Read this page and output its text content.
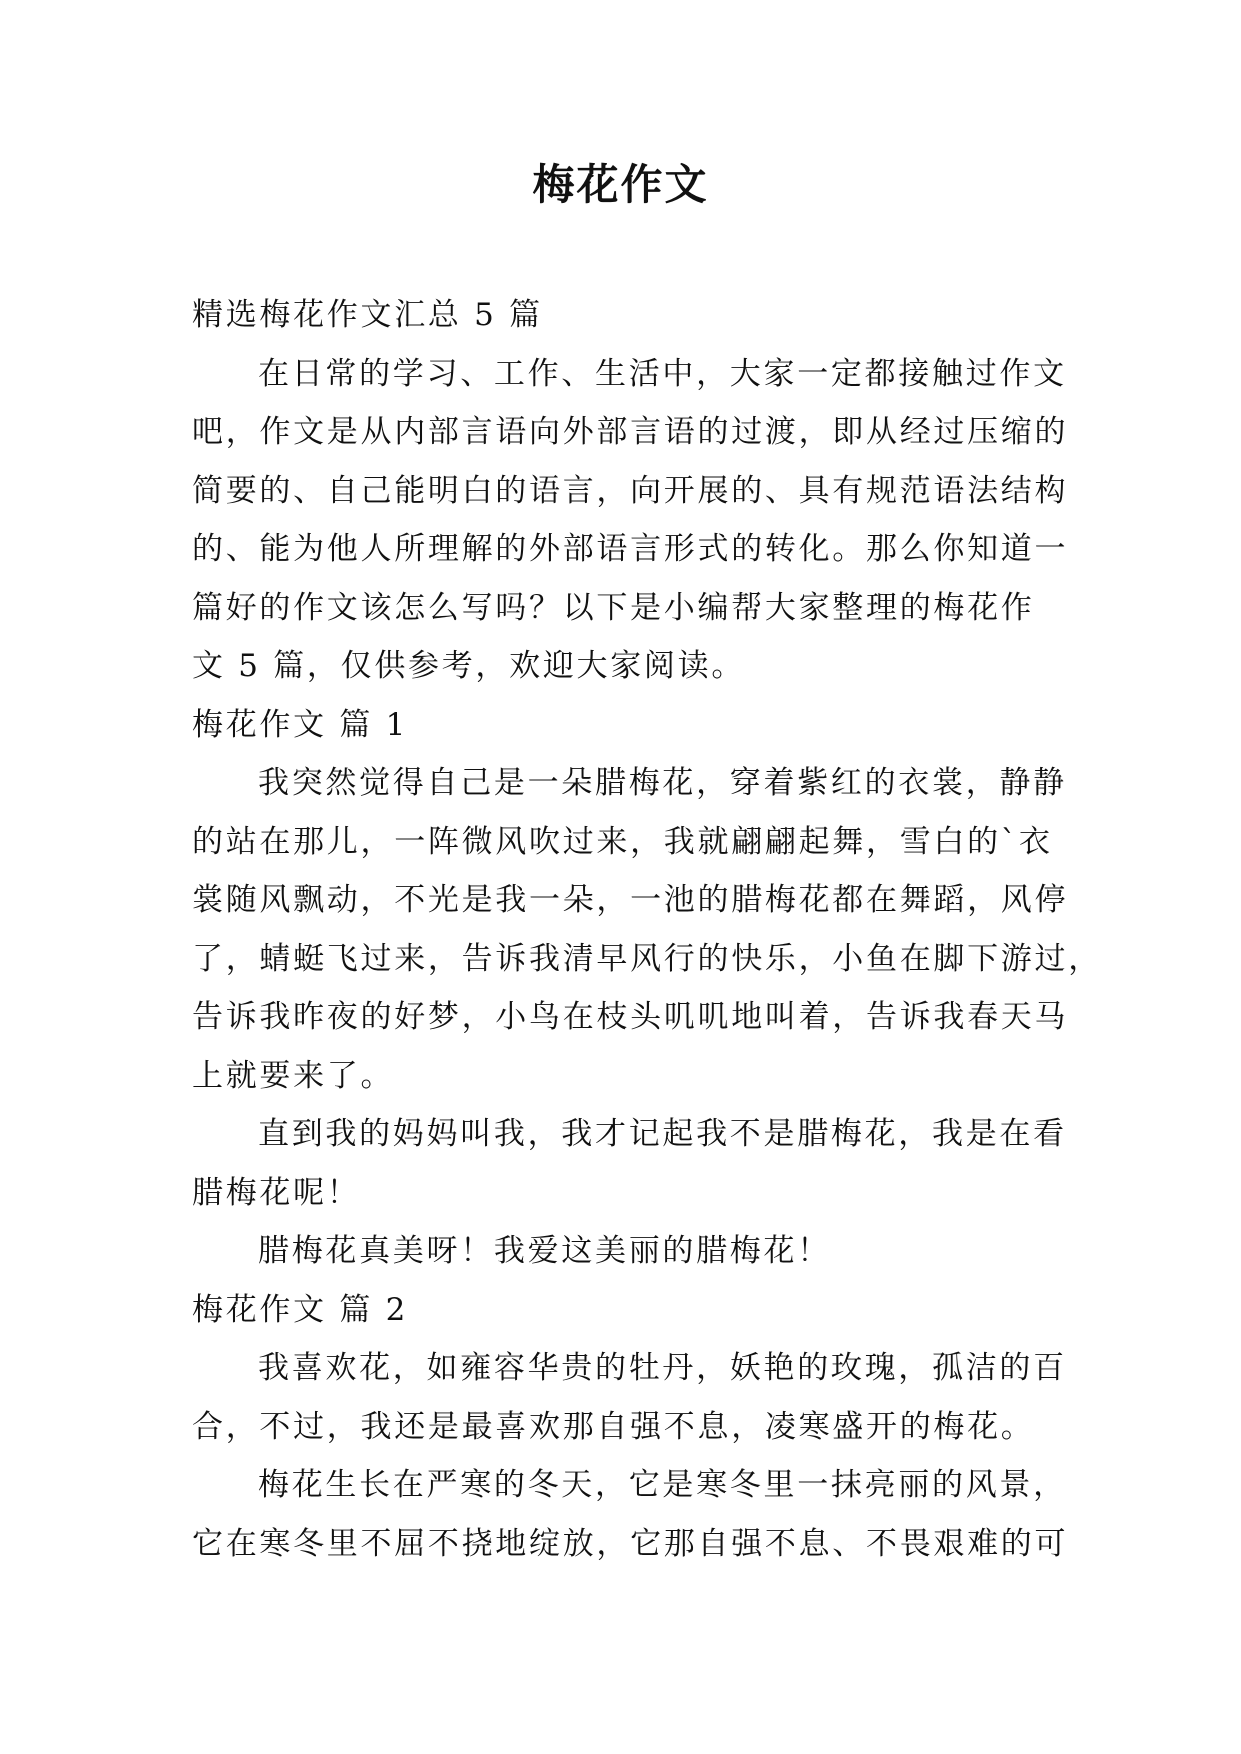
梅花作文
精选梅花作文汇总 5 篇
在日常的学习、工作、生活中，大家一定都接触过作文
吧，作文是从内部言语向外部言语的过渡，即从经过压缩的
简要的、自己能明白的语言，向开展的、具有规范语法结构
的、能为他人所理解的外部语言形式的转化。那么你知道一
篇好的作文该怎么写吗？以下是小编帮大家整理的梅花作
文 5 篇，仅供参考，欢迎大家阅读。
梅花作文 篇 1
我突然觉得自己是一朵腊梅花，穿着紫红的衣裳，静静
的站在那儿，一阵微风吹过来，我就翩翩起舞，雪白的`衣
裳随风飘动，不光是我一朵，一池的腊梅花都在舞蹈，风停
了，蜻蜓飞过来，告诉我清早风行的快乐，小鱼在脚下游过，
告诉我昨夜的好梦，小鸟在枝头叽叽地叫着，告诉我春天马
上就要来了。
直到我的妈妈叫我，我才记起我不是腊梅花，我是在看
腊梅花呢！
腊梅花真美呀！我爱这美丽的腊梅花！
梅花作文 篇 2
我喜欢花，如雍容华贵的牡丹，妖艳的玫瑰，孤洁的百
合，不过，我还是最喜欢那自强不息，凌寒盛开的梅花。
梅花生长在严寒的冬天，它是寒冬里一抹亮丽的风景，
它在寒冬里不屈不挠地绽放，它那自强不息、不畏艰难的可
